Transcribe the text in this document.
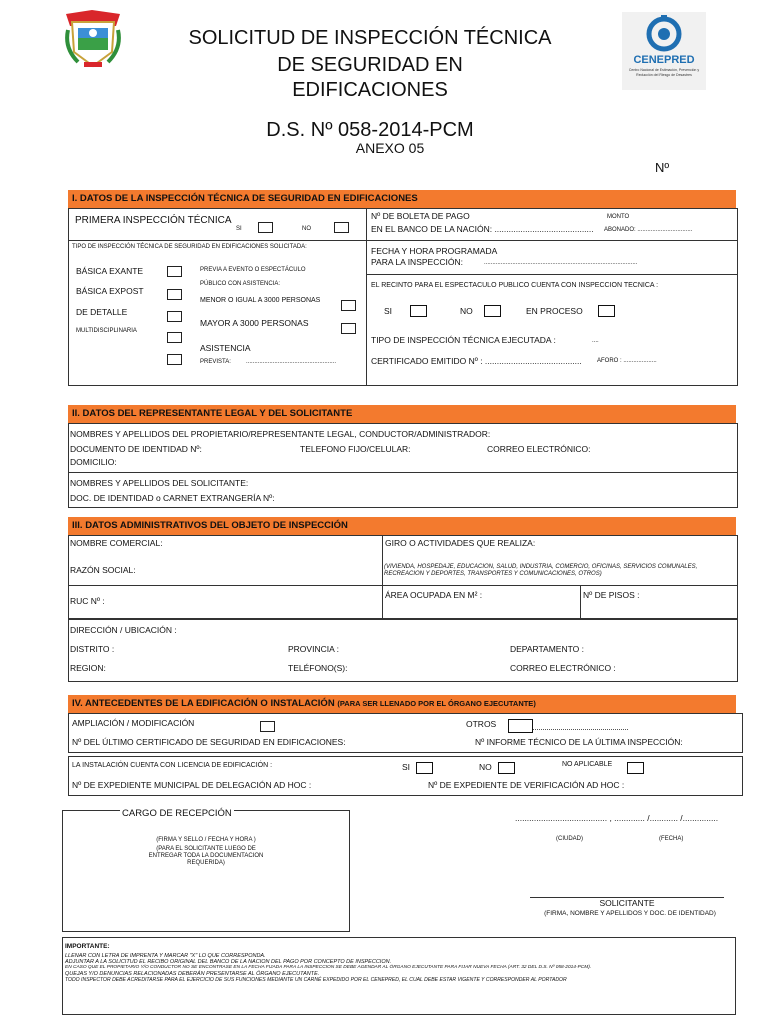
SOLICITUD DE INSPECCIÓN TÉCNICA
DE SEGURIDAD EN
EDIFICACIONES
D.S. Nº 058-2014-PCM
ANEXO 05
Nº
CENEPRED
Centro Nacional de Estimación, Prevención y Reducción del Riesgo de Desastres
I. DATOS DE LA INSPECCIÓN TÉCNICA DE SEGURIDAD EN EDIFICACIONES
PRIMERA INSPECCIÓN TÉCNICA
SI	NO
TIPO DE INSPECCIÓN TÉCNICA DE SEGURIDAD EN EDIFICACIONES SOLICITADA:
BÁSICA EXANTE
BÁSICA EXPOST
DE DETALLE
MULTIDISCIPLINARIA
PREVIA A EVENTO O ESPECTÁCULO
PÚBLICO CON ASISTENCIA:
MENOR O IGUAL A 3000 PERSONAS
MAYOR A 3000 PERSONAS
ASISTENCIA
PREVISTA:	......................................................
Nº DE BOLETA DE PAGO	MONTO
EN EL BANCO DE LA NACIÓN: .......................................... ABONADO: .................................
FECHA Y HORA PROGRAMADA
PARA LA INSPECCIÓN:	............................................................................................
EL RECINTO PARA EL ESPECTACULO PUBLICO CUENTA CON INSPECCION TECNICA :
SI	NO	EN PROCESO
TIPO DE INSPECCIÓN TÉCNICA EJECUTADA :	....
CERTIFICADO EMITIDO Nº : .........................................	AFORO : ....................
II. DATOS DEL REPRESENTANTE LEGAL Y DEL SOLICITANTE
NOMBRES Y APELLIDOS DEL PROPIETARIO/REPRESENTANTE LEGAL, CONDUCTOR/ADMINISTRADOR:
DOCUMENTO DE IDENTIDAD Nº:	TELEFONO FIJO/CELULAR:	CORREO ELECTRÓNICO:
DOMICILIO:
NOMBRES Y APELLIDOS DEL SOLICITANTE:
DOC. DE IDENTIDAD o CARNET EXTRANGERÍA Nº:
III. DATOS ADMINISTRATIVOS DEL OBJETO DE INSPECCIÓN
NOMBRE COMERCIAL:	GIRO O ACTIVIDADES QUE REALIZA:
RAZÓN SOCIAL:	(VIVIENDA, HOSPEDAJE, EDUCACION, SALUD, INDUSTRIA, COMERCIO, OFICINAS, SERVICIOS COMUNALES,
RECREACION Y DEPORTES, TRANSPORTES Y COMUNICACIONES, OTROS)
RUC Nº :
ÁREA OCUPADA EN M² :	Nº DE PISOS :
DIRECCIÓN / UBICACIÓN :
DISTRITO :	PROVINCIA :	DEPARTAMENTO :
REGION:	TELÉFONO(S):	CORREO ELECTRÓNICO :
IV. ANTECEDENTES DE LA EDIFICACIÓN O INSTALACIÓN (PARA SER LLENADO POR EL ÓRGANO EJECUTANTE)
AMPLIACIÓN / MODIFICACIÓN	OTROS
Nº DEL ÚLTIMO CERTIFICADO DE SEGURIDAD EN EDIFICACIONES:	Nº INFORME TÉCNICO DE LA ÚLTIMA INSPECCIÓN:
LA INSTALACIÓN CUENTA CON LICENCIA DE EDIFICACIÓN :	SI	NO	NO APLICABLE
Nº DE EXPEDIENTE MUNICIPAL DE DELEGACIÓN AD HOC :	Nº DE EXPEDIENTE DE VERIFICACIÓN AD HOC :
CARGO DE RECEPCIÓN
(FIRMA Y SELLO / FECHA Y HORA )
(PARA EL SOLICITANTE LUEGO DE
ENTREGAR TODA LA DOCUMENTACION
REQUERIDA)
....................................... , ............. /............ /...............
(CIUDAD)	(FECHA)
SOLICITANTE
(FIRMA, NOMBRE Y APELLIDOS Y DOC. DE IDENTIDAD)
IMPORTANTE:
LLENAR CON LETRA DE IMPRENTA Y MARCAR "X" LO QUE CORRESPONDA.
ADJUNTAR A LA SOLICITUD EL RECIBO ORIGINAL DEL BANCO DE LA NACION DEL PAGO POR CONCEPTO DE INSPECCION.
EN CASO QUE EL PROPIETARIO Y/O CONDUCTOR NO SE ENCONTRASE EN LA FECHA FIJADA PARA LA INSPECCION SE DEBE AGENDAR AL ÓRGANO EJECUTANTE PARA FIJAR NUEVA FECHA (ART. 32 DEL D.S. Nº 058-2014-PCM).
QUEJAS Y/O DENUNCIAS RELACIONADAS DEBERÁN PRESENTARSE AL ÓRGANO EJECUTANTE.
TODO INSPECTOR DEBE ACREDITARSE PARA EL EJERCICIO DE SUS FUNCIONES MEDIANTE UN CARNÉ EXPEDIDO POR EL CENEPRED, EL CUAL DEBE ESTAR VIGENTE Y CORRESPONDER AL PORTADOR
